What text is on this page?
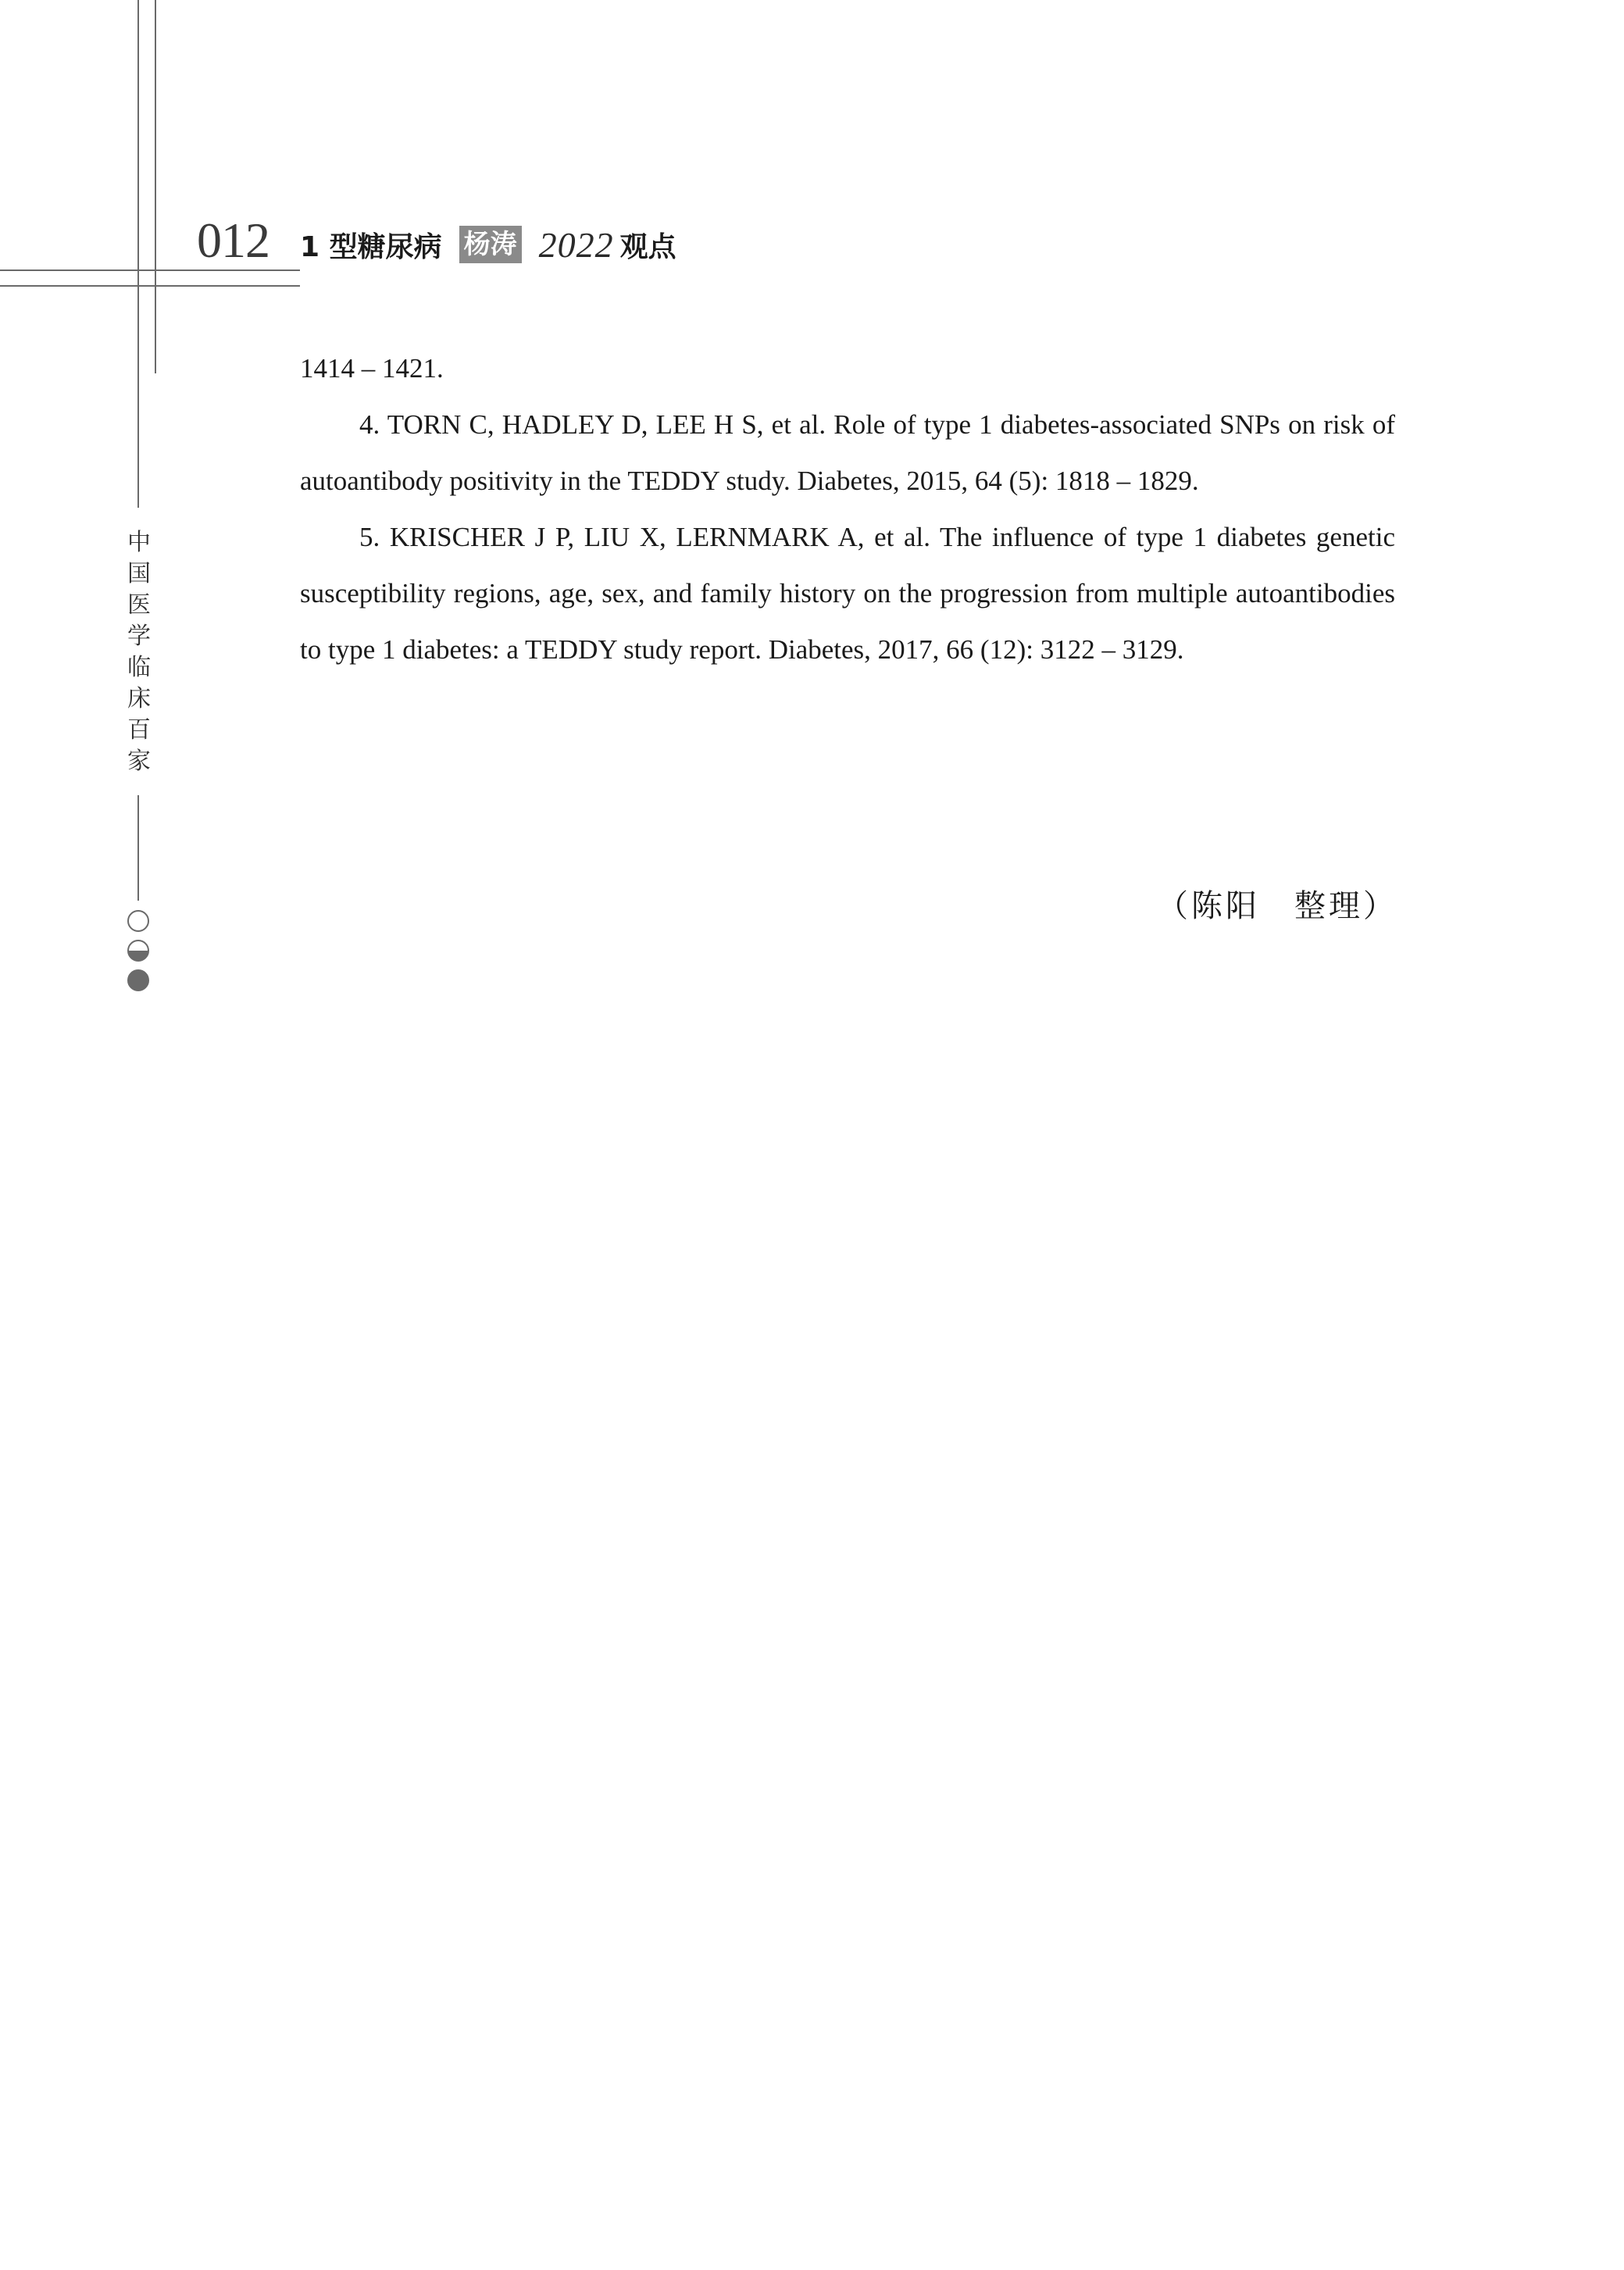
012 1 型糖尿病 杨涛 2022 观点
中国医学临床百家

1414 – 1421.

4. TORN C, HADLEY D, LEE H S, et al. Role of type 1 diabetes-associated SNPs on risk of autoantibody positivity in the TEDDY study. Diabetes, 2015, 64 (5): 1818 – 1829.

5. KRISCHER J P, LIU X, LERNMARK A, et al. The influence of type 1 diabetes genetic susceptibility regions, age, sex, and family history on the progression from multiple autoantibodies to type 1 diabetes: a TEDDY study report. Diabetes, 2017, 66 (12): 3122 – 3129.

（陈阳　整理）
